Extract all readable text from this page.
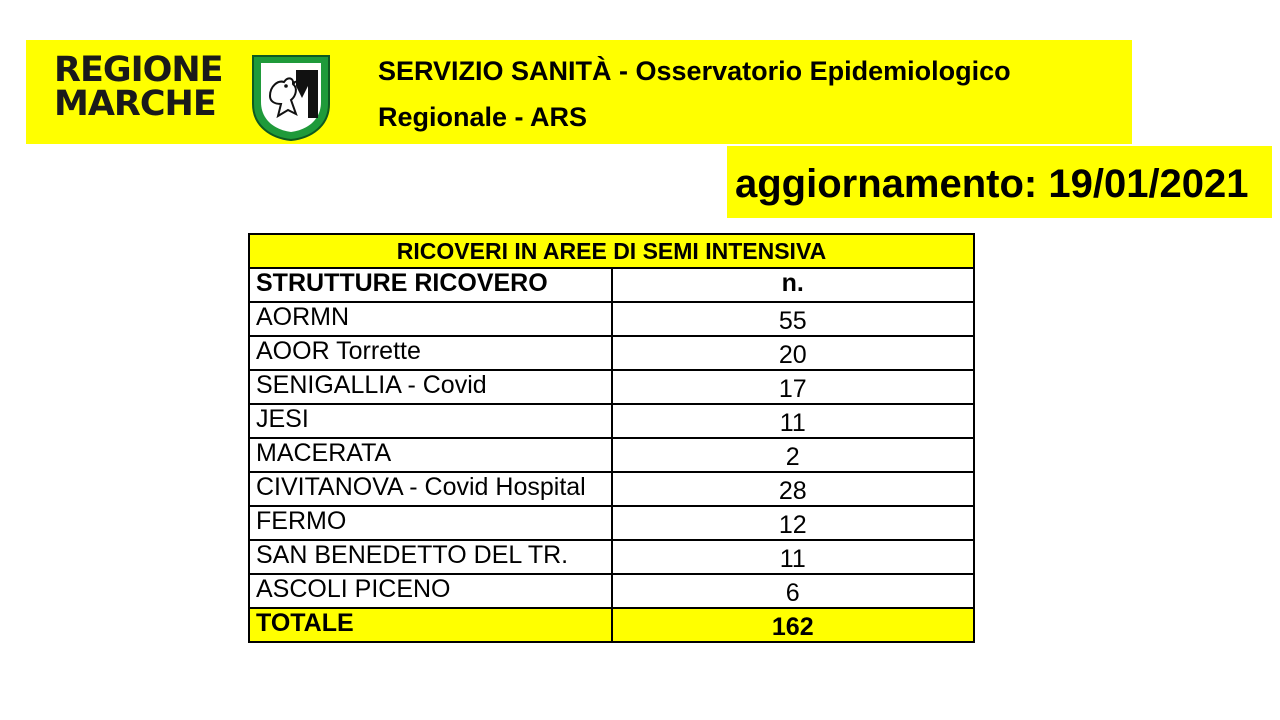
REGIONE
MARCHE
SERVIZIO SANITÀ - Osservatorio Epidemiologico
Regionale - ARS
aggiornamento: 19/01/2021
RICOVERI IN AREE DI SEMI INTENSIVA	
STRUTTURE RICOVERO	n.
AORMN	55
AOOR Torrette	20
SENIGALLIA - Covid	17
JESI	11
MACERATA	2
CIVITANOVA - Covid Hospital	28
FERMO	12
SAN BENEDETTO DEL TR.	11
ASCOLI PICENO	6
TOTALE	162
